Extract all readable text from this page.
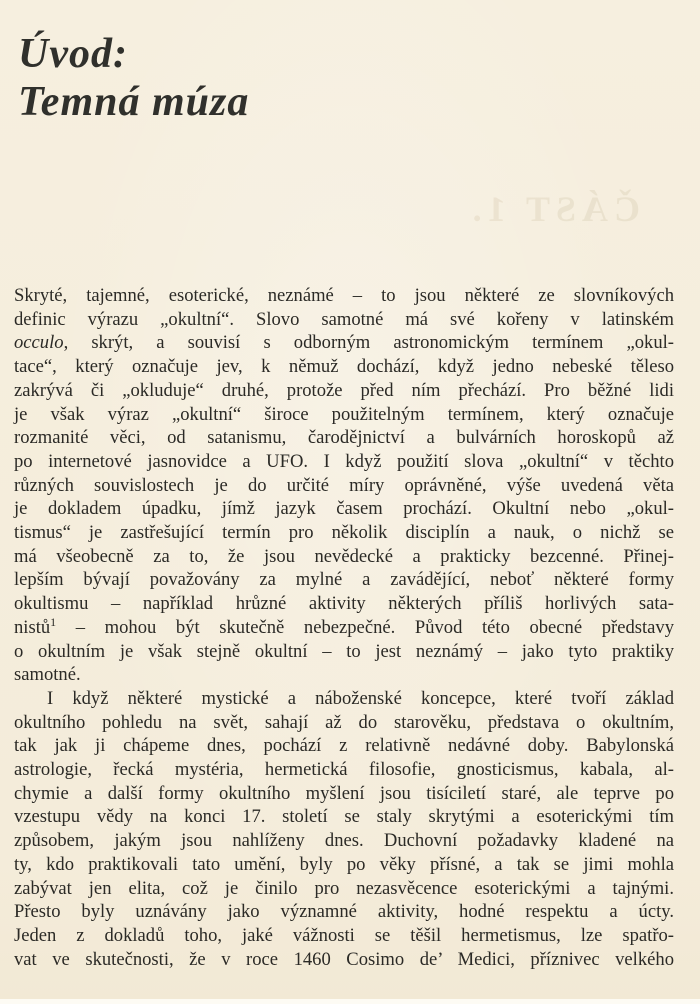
Úvod:
Temná múza
ČÁST 1.
Skryté, tajemné, esoterické, neznámé – to jsou některé ze slovníkových
definic výrazu „okultní“. Slovo samotné má své kořeny v latinském
occulo, skrýt, a souvisí s odborným astronomickým termínem „okul-
tace“, který označuje jev, k němuž dochází, když jedno nebeské těleso
zakrývá či „okluduje“ druhé, protože před ním přechází. Pro běžné lidi
je však výraz „okultní“ široce použitelným termínem, který označuje
rozmanité věci, od satanismu, čarodějnictví a bulvárních horoskopů až
po internetové jasnovidce a UFO. I když použití slova „okultní“ v těchto
různých souvislostech je do určité míry oprávněné, výše uvedená věta
je dokladem úpadku, jímž jazyk časem prochází. Okultní nebo „okul-
tismus“ je zastřešující termín pro několik disciplín a nauk, o nichž se
má všeobecně za to, že jsou nevědecké a prakticky bezcenné. Přinej-
lepším bývají považovány za mylné a zavádějící, neboť některé formy
okultismu – například hrůzné aktivity některých příliš horlivých sata-
nistů$^1$ – mohou být skutečně nebezpečné. Původ této obecné představy
o okultním je však stejně okultní – to jest neznámý – jako tyto praktiky
samotné.
I když některé mystické a náboženské koncepce, které tvoří základ
okultního pohledu na svět, sahají až do starověku, představa o okultním,
tak jak ji chápeme dnes, pochází z relativně nedávné doby. Babylonská
astrologie, řecká mystéria, hermetická filosofie, gnosticismus, kabala, al-
chymie a další formy okultního myšlení jsou tisíciletí staré, ale teprve po
vzestupu vědy na konci 17. století se staly skrytými a esoterickými tím
způsobem, jakým jsou nahlíženy dnes. Duchovní požadavky kladené na
ty, kdo praktikovali tato umění, byly po věky přísné, a tak se jimi mohla
zabývat jen elita, což je činilo pro nezasvěcence esoterickými a tajnými.
Přesto byly uznávány jako významné aktivity, hodné respektu a úcty.
Jeden z dokladů toho, jaké vážnosti se těšil hermetismus, lze spatřo-
vat ve skutečnosti, že v roce 1460 Cosimo de’ Medici, příznivec velkého
